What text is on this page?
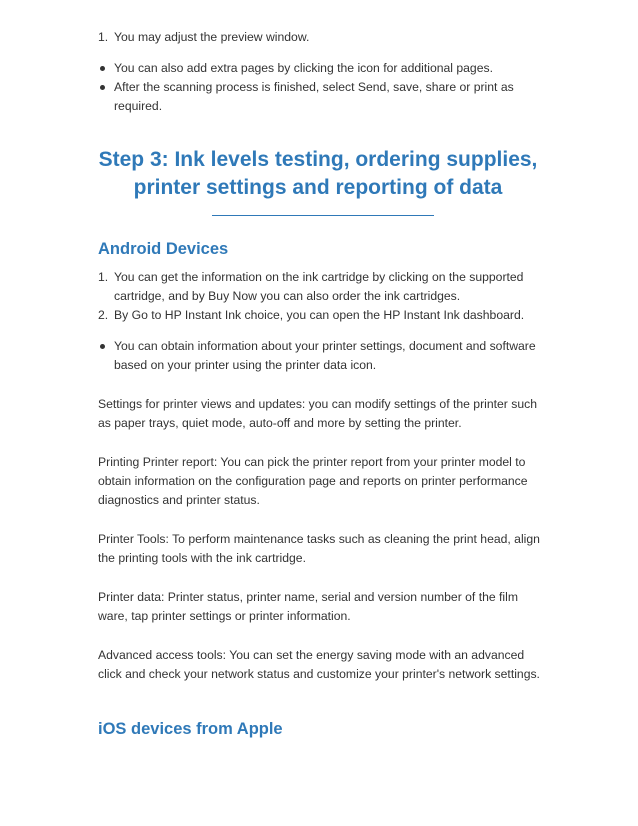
1. You may adjust the preview window.
You can also add extra pages by clicking the icon for additional pages.
After the scanning process is finished, select Send, save, share or print as required.
Step 3: Ink levels testing, ordering supplies, printer settings and reporting of data
Android Devices
1. You can get the information on the ink cartridge by clicking on the supported cartridge, and by Buy Now you can also order the ink cartridges.
2. By Go to HP Instant Ink choice, you can open the HP Instant Ink dashboard.
You can obtain information about your printer settings, document and software based on your printer using the printer data icon.

Settings for printer views and updates: you can modify settings of the printer such as paper trays, quiet mode, auto-off and more by setting the printer.

Printing Printer report: You can pick the printer report from your printer model to obtain information on the configuration page and reports on printer performance diagnostics and printer status.

Printer Tools: To perform maintenance tasks such as cleaning the print head, align the printing tools with the ink cartridge.

Printer data: Printer status, printer name, serial and version number of the film ware, tap printer settings or printer information.

Advanced access tools: You can set the energy saving mode with an advanced click and check your network status and customize your printer's network settings.

iOS devices from Apple
